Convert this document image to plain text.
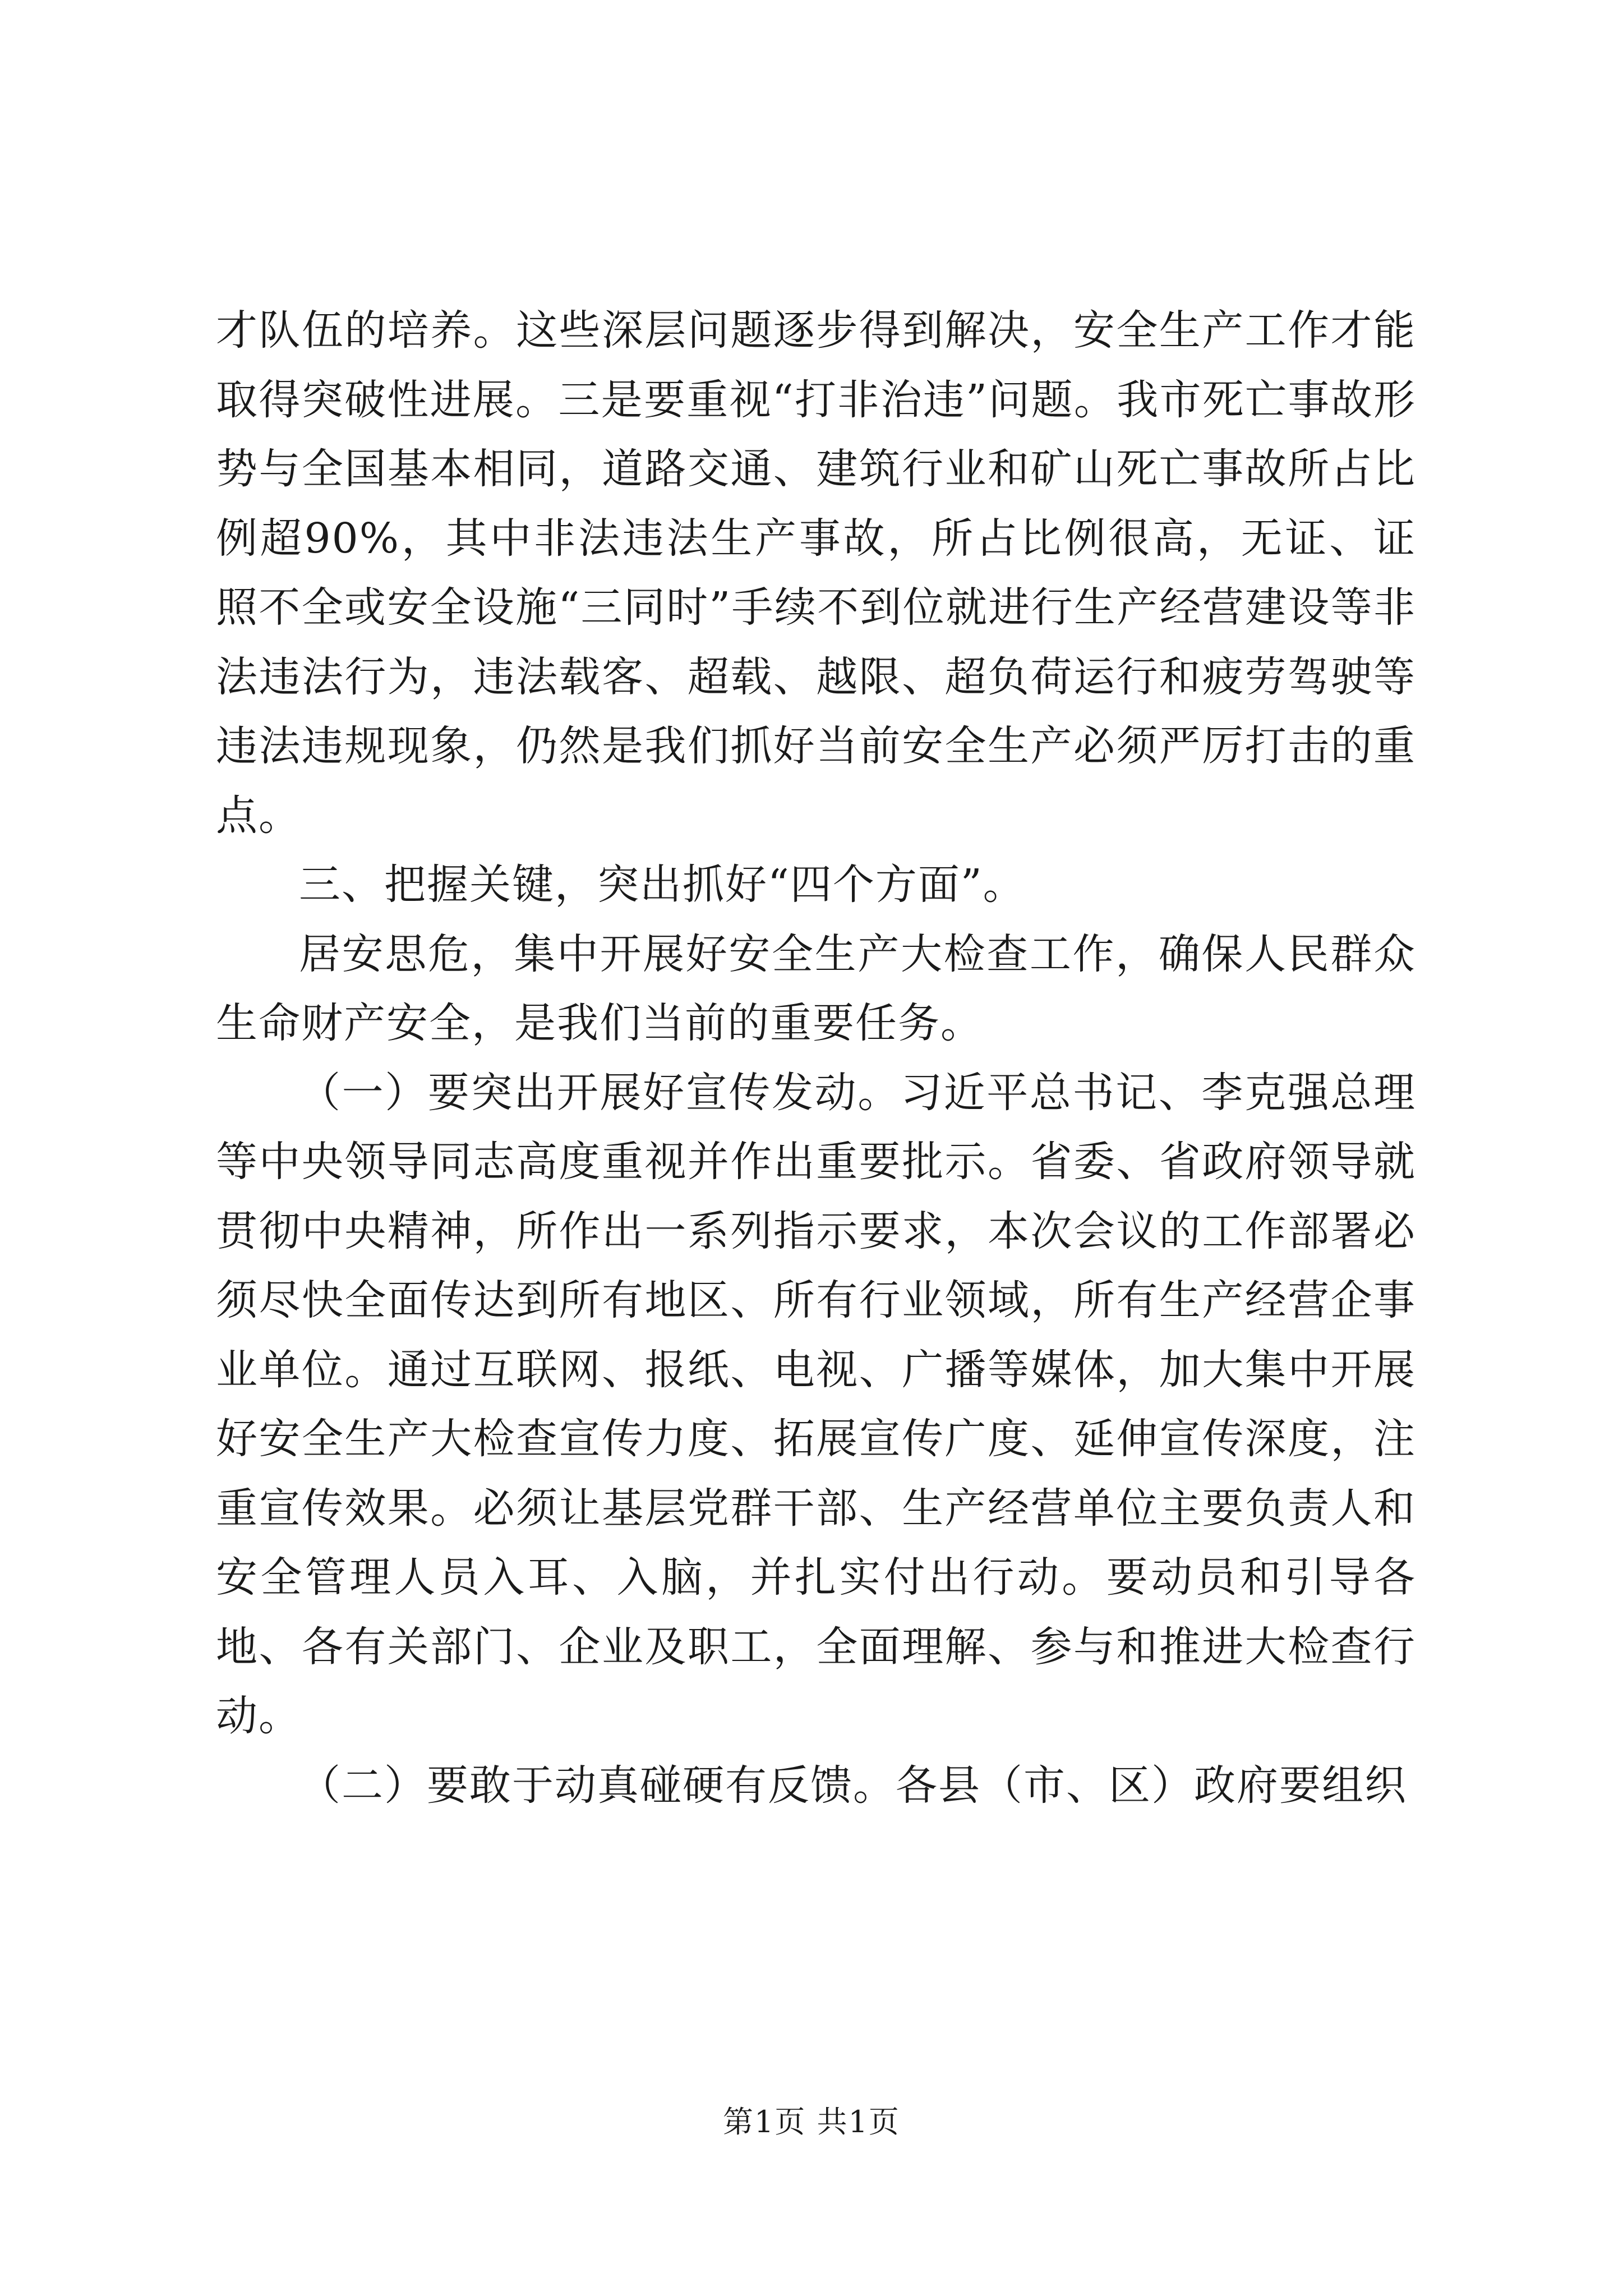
才队伍的培养。这些深层问题逐步得到解决，安全生产工作才能取得突破性进展。三是要重视“打非治违”问题。我市死亡事故形势与全国基本相同，道路交通、建筑行业和矿山死亡事故所占比例超90%，其中非法违法生产事故，所占比例很高，无证、证照不全或安全设施“三同时”手续不到位就进行生产经营建设等非法违法行为，违法载客、超载、越限、超负荷运行和疲劳驾驶等违法违规现象，仍然是我们抓好当前安全生产必须严厉打击的重点。

三、把握关键，突出抓好“四个方面”。

居安思危，集中开展好安全生产大检查工作，确保人民群众生命财产安全，是我们当前的重要任务。

（一）要突出开展好宣传发动。习近平总书记、李克强总理等中央领导同志高度重视并作出重要批示。省委、省政府领导就贯彻中央精神，所作出一系列指示要求，本次会议的工作部署必须尽快全面传达到所有地区、所有行业领域，所有生产经营企事业单位。通过互联网、报纸、电视、广播等媒体，加大集中开展好安全生产大检查宣传力度、拓展宣传广度、延伸宣传深度，注重宣传效果。必须让基层党群干部、生产经营单位主要负责人和安全管理人员入耳、入脑，并扎实付出行动。要动员和引导各地、各有关部门、企业及职工，全面理解、参与和推进大检查行动。

（二）要敢于动真碰硬有反馈。各县（市、区）政府要组织

第1页 共1页
